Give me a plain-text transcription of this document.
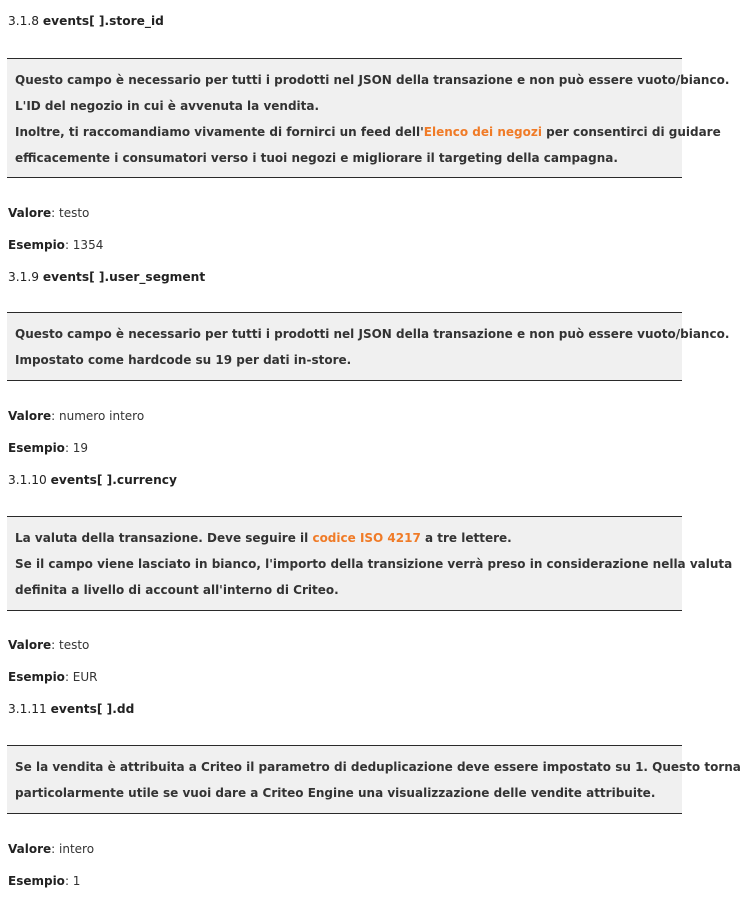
3.1.8 events[ ].store_id
Questo campo è necessario per tutti i prodotti nel JSON della transazione e non può essere vuoto/bianco.
L'ID del negozio in cui è avvenuta la vendita.
Inoltre, ti raccomandiamo vivamente di fornirci un feed dell'Elenco dei negozi per consentirci di guidare
efficacemente i consumatori verso i tuoi negozi e migliorare il targeting della campagna.
Valore: testo
Esempio: 1354
3.1.9 events[ ].user_segment
Questo campo è necessario per tutti i prodotti nel JSON della transazione e non può essere vuoto/bianco.
Impostato come hardcode su 19 per dati in-store.
Valore: numero intero
Esempio: 19
3.1.10 events[ ].currency
La valuta della transazione. Deve seguire il codice ISO 4217 a tre lettere.
Se il campo viene lasciato in bianco, l'importo della transizione verrà preso in considerazione nella valuta
definita a livello di account all'interno di Criteo.
Valore: testo
Esempio: EUR
3.1.11 events[ ].dd
Se la vendita è attribuita a Criteo il parametro di deduplicazione deve essere impostato su 1. Questo torna
particolarmente utile se vuoi dare a Criteo Engine una visualizzazione delle vendite attribuite.
Valore: intero
Esempio: 1
